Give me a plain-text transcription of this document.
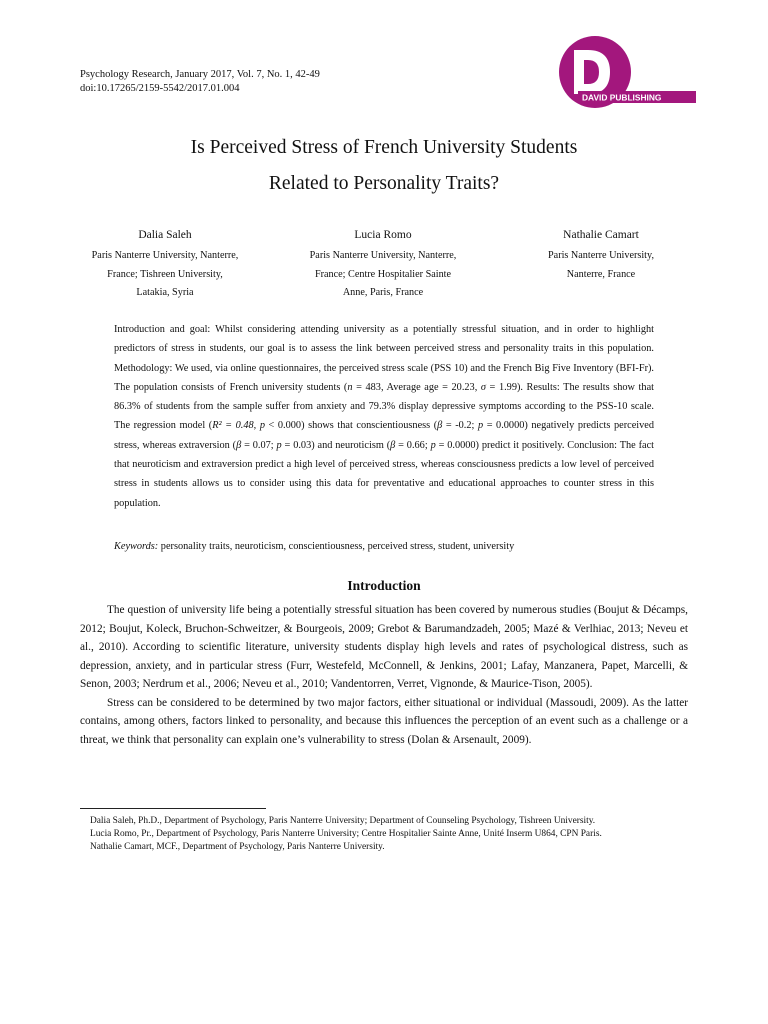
Psychology Research, January 2017, Vol. 7, No. 1, 42-49
doi:10.17265/2159-5542/2017.01.004
DAVID PUBLISHING
Is Perceived Stress of French University Students
Related to Personality Traits?
Dalia Saleh
Paris Nanterre University, Nanterre,
France; Tishreen University,
Latakia, Syria
Lucia Romo
Paris Nanterre University, Nanterre,
France; Centre Hospitalier Sainte
Anne, Paris, France
Nathalie Camart
Paris Nanterre University,
Nanterre, France
Introduction and goal: Whilst considering attending university as a potentially stressful situation, and in order to highlight predictors of stress in students, our goal is to assess the link between perceived stress and personality traits in this population. Methodology: We used, via online questionnaires, the perceived stress scale (PSS 10) and the French Big Five Inventory (BFI-Fr). The population consists of French university students (n = 483, Average age = 20.23, σ = 1.99). Results: The results show that 86.3% of students from the sample suffer from anxiety and 79.3% display depressive symptoms according to the PSS-10 scale. The regression model (R² = 0.48, p < 0.000) shows that conscientiousness (β = -0.2; p = 0.0000) negatively predicts perceived stress, whereas extraversion (β = 0.07; p = 0.03) and neuroticism (β = 0.66; p = 0.0000) predict it positively. Conclusion: The fact that neuroticism and extraversion predict a high level of perceived stress, whereas consciousness predicts a low level of perceived stress in students allows us to consider using this data for preventative and educational approaches to counter stress in this population.
Keywords: personality traits, neuroticism, conscientiousness, perceived stress, student, university
Introduction

The question of university life being a potentially stressful situation has been covered by numerous studies (Boujut & Décamps, 2012; Boujut, Koleck, Bruchon-Schweitzer, & Bourgeois, 2009; Grebot & Barumandzadeh, 2005; Mazé & Verlhiac, 2013; Neveu et al., 2010). According to scientific literature, university students display high levels and rates of psychological distress, such as depression, anxiety, and in particular stress (Furr, Westefeld, McConnell, & Jenkins, 2001; Lafay, Manzanera, Papet, Marcelli, & Senon, 2003; Nerdrum et al., 2006; Neveu et al., 2010; Vandentorren, Verret, Vignonde, & Maurice-Tison, 2005).

Stress can be considered to be determined by two major factors, either situational or individual (Massoudi, 2009). As the latter contains, among others, factors linked to personality, and because this influences the perception of an event such as a challenge or a threat, we think that personality can explain one’s vulnerability to stress (Dolan & Arsenault, 2009).

Dalia Saleh, Ph.D., Department of Psychology, Paris Nanterre University; Department of Counseling Psychology, Tishreen University.

Lucia Romo, Pr., Department of Psychology, Paris Nanterre University; Centre Hospitalier Sainte Anne, Unité Inserm U864, CPN Paris.

Nathalie Camart, MCF., Department of Psychology, Paris Nanterre University.
